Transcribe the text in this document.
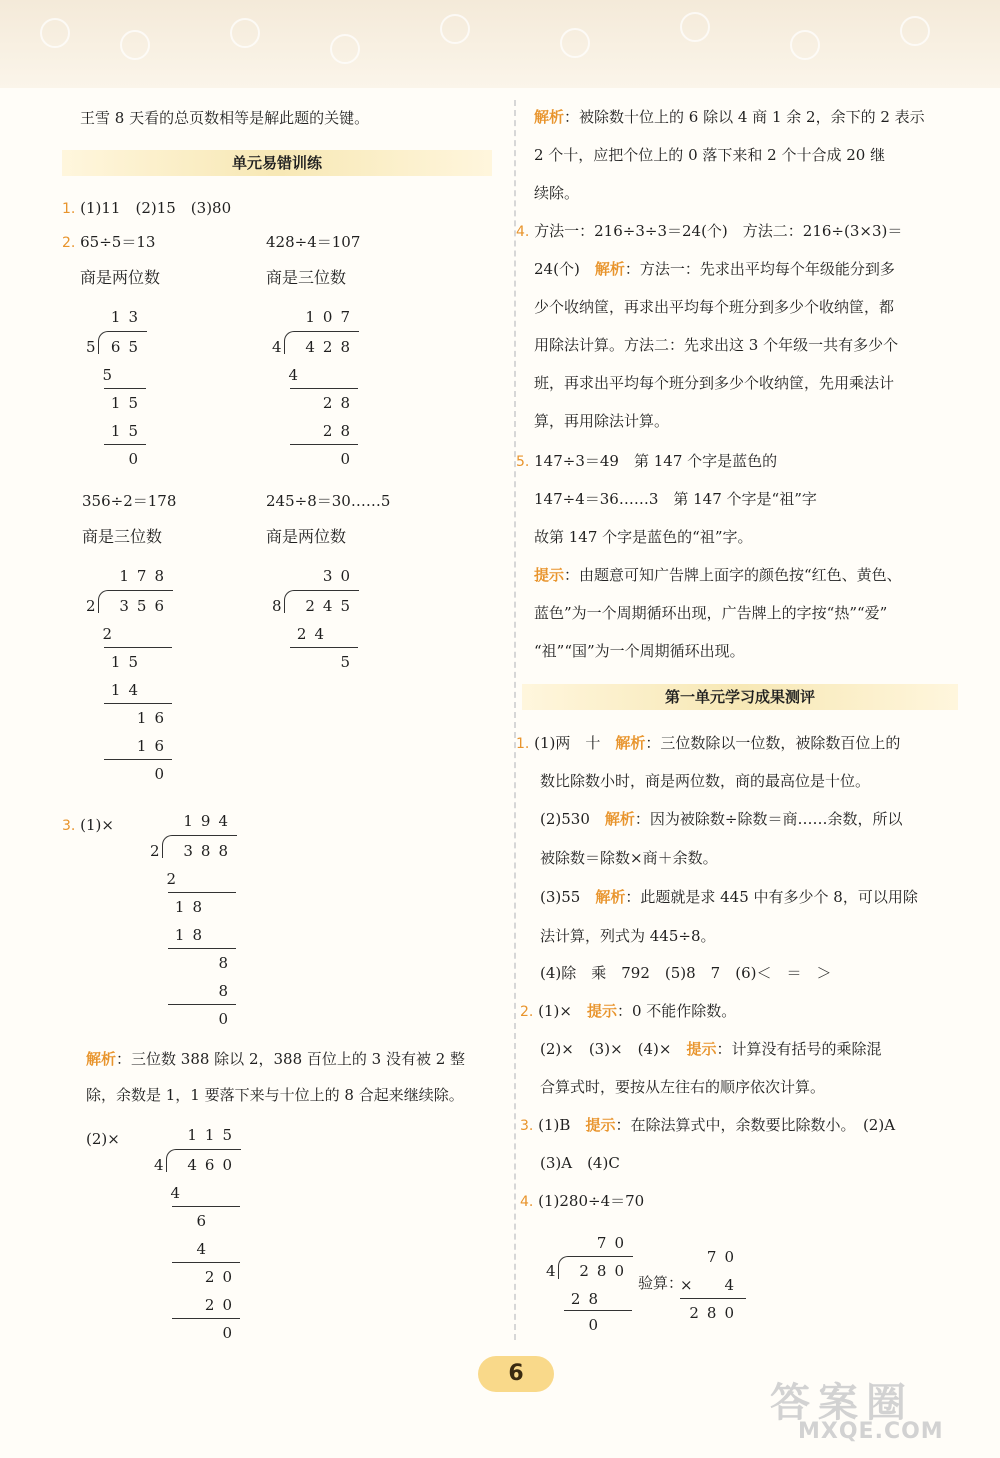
王雪 8 天看的总页数相等是解此题的关键。
单元易错训练
1. (1)11　(2)15　(3)80
2. 65÷5＝13	428÷4＝107
商是两位数	商是三位数
13
5 65
5
15
15
0
107
4	428
4
28
28
0
356÷2＝178	245÷8＝30……5
商是三位数	商是两位数
178
2	356
2
15
14
16
16
0
30
8	245
24
5
3. (1)×	194
2	388
2
18
18
8
8
0
解析：三位数 388 除以 2，388 百位上的 3 没有被 2 整
除，余数是 1，1 要落下来与十位上的 8 合起来继续除。
(2)×	115
4	460
4
6
4
20
20
0
解析：被除数十位上的 6 除以 4 商 1 余 2，余下的 2 表示
2 个十，应把个位上的 0 落下来和 2 个十合成 20 继
续除。
4. 方法一：216÷3÷3＝24(个)　方法二：216÷(3×3)＝
24(个)　 解析：方法一：先求出平均每个年级能分到多
少个收纳筐，再求出平均每个班分到多少个收纳筐，都
用除法计算。方法二：先求出这 3 个年级一共有多少个
班，再求出平均每个班分到多少个收纳筐，先用乘法计
算，再用除法计算。
5. 147÷3＝49　第 147 个字是蓝色的
147÷4＝36……3　第 147 个字是“祖”字
故第 147 个字是蓝色的“祖”字。
提示：由题意可知广告牌上面字的颜色按“红色、黄色、
蓝色”为一个周期循环出现，广告牌上的字按“热”“爱”
“祖”“国”为一个周期循环出现。
第一单元学习成果测评
1. (1)两　十　 解析：三位数除以一位数，被除数百位上的
数比除数小时，商是两位数，商的最高位是十位。
(2)530　 解析：因为被除数÷除数＝商……余数，所以
被除数＝除数×商＋余数。
(3)55　 解析：此题就是求 445 中有多少个 8，可以用除
法计算，列式为 445÷8。
(4)除　乘　792　(5)8　7　(6)＜　＝　＞
2. (1)×　 提示：0 不能作除数。
(2)×　(3)×　(4)×　 提示：计算没有括号的乘除混
合算式时，要按从左往右的顺序依次计算。
3. (1)B　 提示：在除法算式中，余数要比除数小。　(2)A
(3)A　(4)C
4. (1)280÷4＝70
70
4	280
28
0
验算：
70
×	4
280
6
答案圈
MXQE.COM
